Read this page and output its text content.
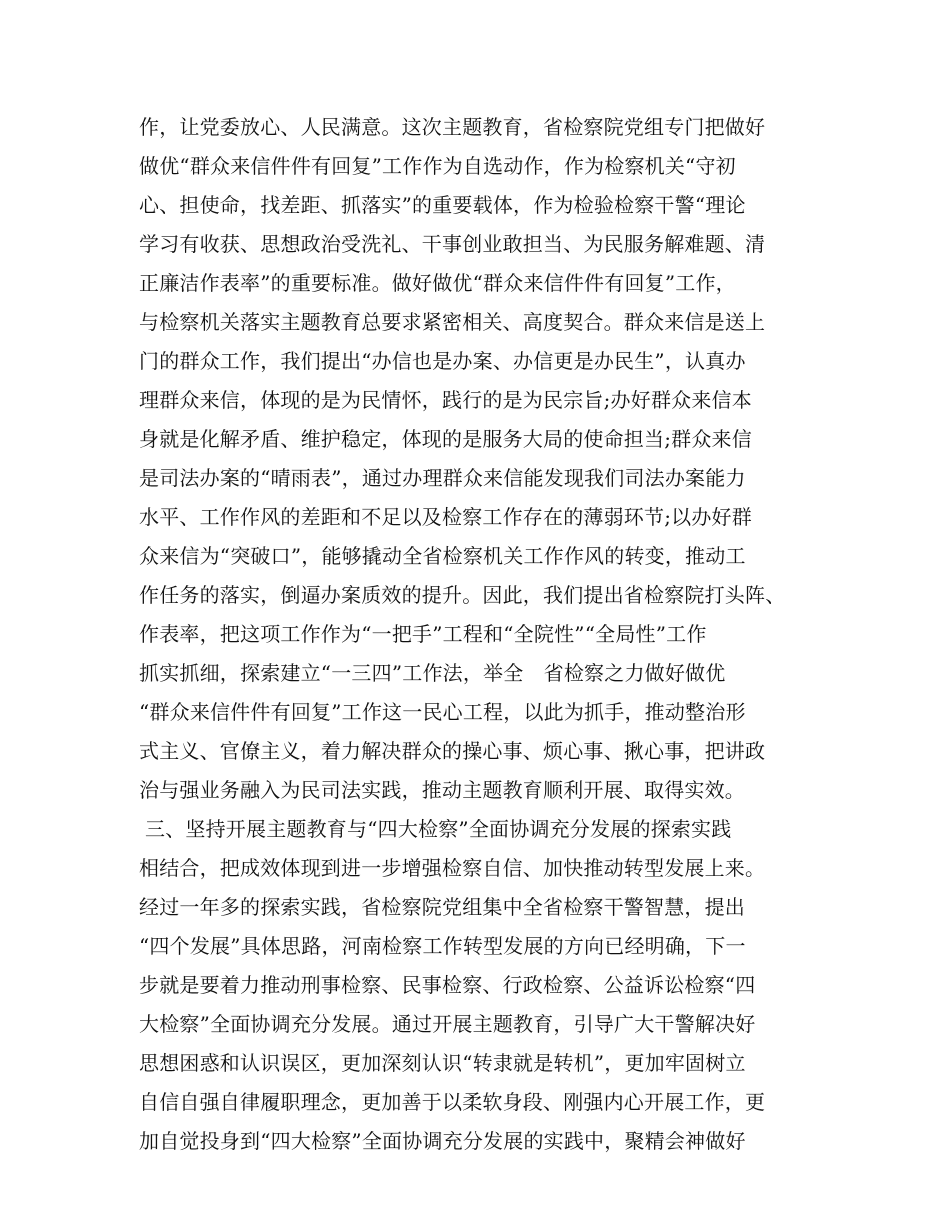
作，让党委放心、人民满意。这次主题教育，省检察院党组专门把做好
做优“群众来信件件有回复”工作作为自选动作，作为检察机关“守初
心、担使命，找差距、抓落实”的重要载体，作为检验检察干警“理论
学习有收获、思想政治受洗礼、干事创业敢担当、为民服务解难题、清
正廉洁作表率”的重要标准。做好做优“群众来信件件有回复”工作，
与检察机关落实主题教育总要求紧密相关、高度契合。群众来信是送上
门的群众工作，我们提出“办信也是办案、办信更是办民生”，认真办
理群众来信，体现的是为民情怀，践行的是为民宗旨;办好群众来信本
身就是化解矛盾、维护稳定，体现的是服务大局的使命担当;群众来信
是司法办案的“晴雨表”，通过办理群众来信能发现我们司法办案能力
水平、工作作风的差距和不足以及检察工作存在的薄弱环节;以办好群
众来信为“突破口”，能够撬动全省检察机关工作作风的转变，推动工
作任务的落实，倒逼办案质效的提升。因此，我们提出省检察院打头阵、
作表率，把这项工作作为“一把手”工程和“全院性”“全局性”工作
抓实抓细，探索建立“一三四”工作法，举全　省检察之力做好做优
“群众来信件件有回复”工作这一民心工程，以此为抓手，推动整治形
式主义、官僚主义，着力解决群众的操心事、烦心事、揪心事，把讲政
治与强业务融入为民司法实践，推动主题教育顺利开展、取得实效。
三、坚持开展主题教育与“四大检察”全面协调充分发展的探索实践
相结合，把成效体现到进一步增强检察自信、加快推动转型发展上来。
经过一年多的探索实践，省检察院党组集中全省检察干警智慧，提出
“四个发展”具体思路，河南检察工作转型发展的方向已经明确，下一
步就是要着力推动刑事检察、民事检察、行政检察、公益诉讼检察“四
大检察”全面协调充分发展。通过开展主题教育，引导广大干警解决好
思想困惑和认识误区，更加深刻认识“转隶就是转机”，更加牢固树立
自信自强自律履职理念，更加善于以柔软身段、刚强内心开展工作，更
加自觉投身到“四大检察”全面协调充分发展的实践中，聚精会神做好
